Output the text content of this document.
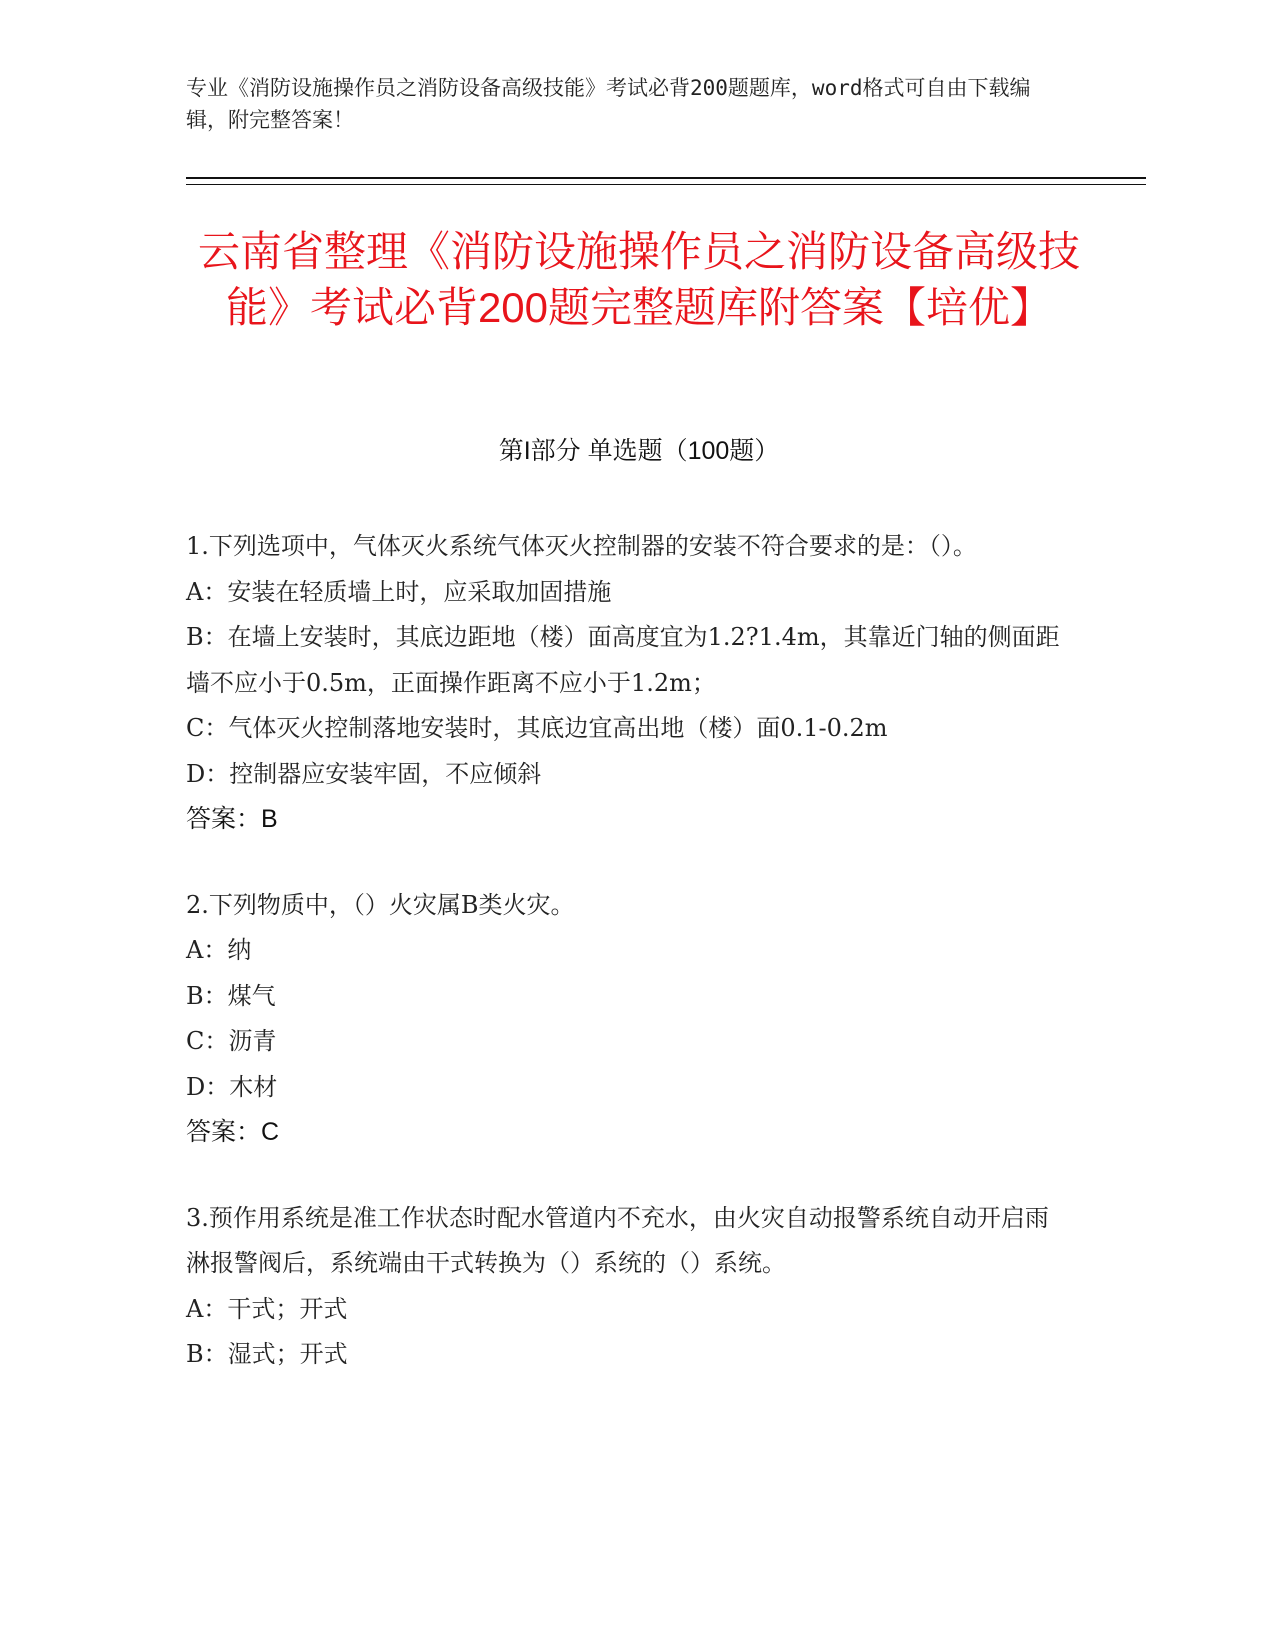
专业《消防设施操作员之消防设备高级技能》考试必背200题题库，word格式可自由下载编辑，附完整答案！
云南省整理《消防设施操作员之消防设备高级技能》考试必背200题完整题库附答案【培优】
第I部分 单选题（100题）

1.下列选项中，气体灭火系统气体灭火控制器的安装不符合要求的是：（）。

A：安装在轻质墙上时，应采取加固措施

B：在墙上安装时，其底边距地（楼）面高度宜为1.2?1.4m，其靠近门轴的侧面距墙不应小于0.5m，正面操作距离不应小于1.2m；

C：气体灭火控制落地安装时，其底边宜高出地（楼）面0.1-0.2m

D：控制器应安装牢固，不应倾斜

答案：B

2.下列物质中，（）火灾属B类火灾。

A：纳

B：煤气

C：沥青

D：木材

答案：C

3.预作用系统是准工作状态时配水管道内不充水，由火灾自动报警系统自动开启雨淋报警阀后，系统端由干式转换为（）系统的（）系统。

A：干式；开式

B：湿式；开式
